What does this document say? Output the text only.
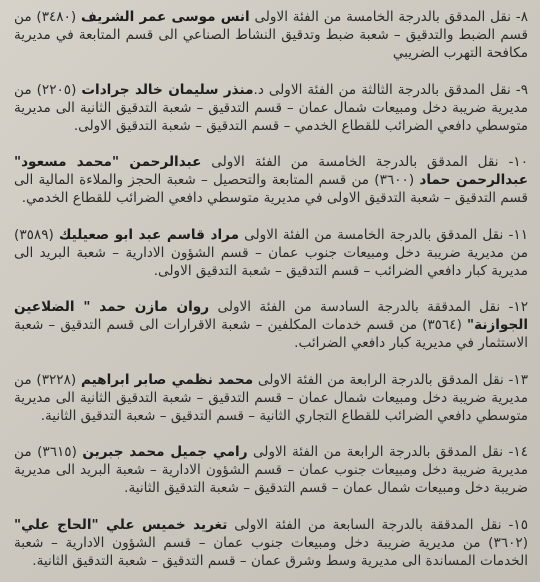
٨- نقل المدقق بالدرجة الخامسة من الفئة الاولى انس موسى عمر الشريف (٣٤٨٠) من قسم الضبط والتدقيق – شعبة ضبط وتدقيق النشاط الصناعي الى قسم المتابعة في مديرية مكافحة التهرب الضريبي

٩- نقل المدقق بالدرجة الثالثة من الفئة الاولى د.منذر سليمان خالد جرادات (٢٢٠٥) من مديرية ضريبة دخل ومبيعات شمال عمان – قسم التدقيق – شعبة التدقيق الثانية الى مديرية متوسطي دافعي الضرائب للقطاع الخدمي – قسم التدقيق – شعبة التدقيق الاولى.

١٠- نقل المدقق بالدرجة الخامسة من الفئة الاولى عبدالرحمن "محمد مسعود" عبدالرحمن حماد (٣٦٠٠) من قسم المتابعة والتحصيل – شعبة الحجز والملاءة المالية الى قسم التدقيق – شعبة التدقيق الاولى في مديرية متوسطي دافعي الضرائب للقطاع الخدمي.

١١- نقل المدقق بالدرجة الخامسة من الفئة الاولى مراد قاسم عبد ابو صعيليك (٣٥٨٩) من مديرية ضريبة دخل ومبيعات جنوب عمان – قسم الشؤون الادارية – شعبة البريد الى مديرية كبار دافعي الضرائب – قسم التدقيق – شعبة التدقيق الاولى.

١٢- نقل المدققة بالدرجة السادسة من الفئة الاولى روان مازن حمد " الضلاعين الجوازنة" (٣٥٦٤) من قسم خدمات المكلفين – شعبة الاقرارات الى قسم التدقيق – شعبة الاستثمار في مديرية كبار دافعي الضرائب.

١٣- نقل المدقق بالدرجة الرابعة من الفئة الاولى محمد نظمي صابر ابراهيم (٣٢٢٨) من مديرية ضريبة دخل ومبيعات شمال عمان – قسم التدقيق – شعبة التدقيق الثانية الى مديرية متوسطي دافعي الضرائب للقطاع التجاري الثانية – قسم التدقيق – شعبة التدقيق الثانية.

١٤- نقل المدقق بالدرجة الرابعة من الفئة الاولى رامي جميل محمد جبرين (٣٦١٥) من مديرية ضريبة دخل ومبيعات جنوب عمان – قسم الشؤون الادارية – شعبة البريد الى مديرية ضريبة دخل ومبيعات شمال عمان – قسم التدقيق – شعبة التدقيق الثانية.

١٥- نقل المدققة بالدرجة السابعة من الفئة الاولى تغريد خميس علي "الحاج علي" (٣٦٠٢) من مديرية ضريبة دخل ومبيعات جنوب عمان – قسم الشؤون الادارية – شعبة الخدمات المساندة الى مديرية وسط وشرق عمان – قسم التدقيق – شعبة التدقيق الثانية.
